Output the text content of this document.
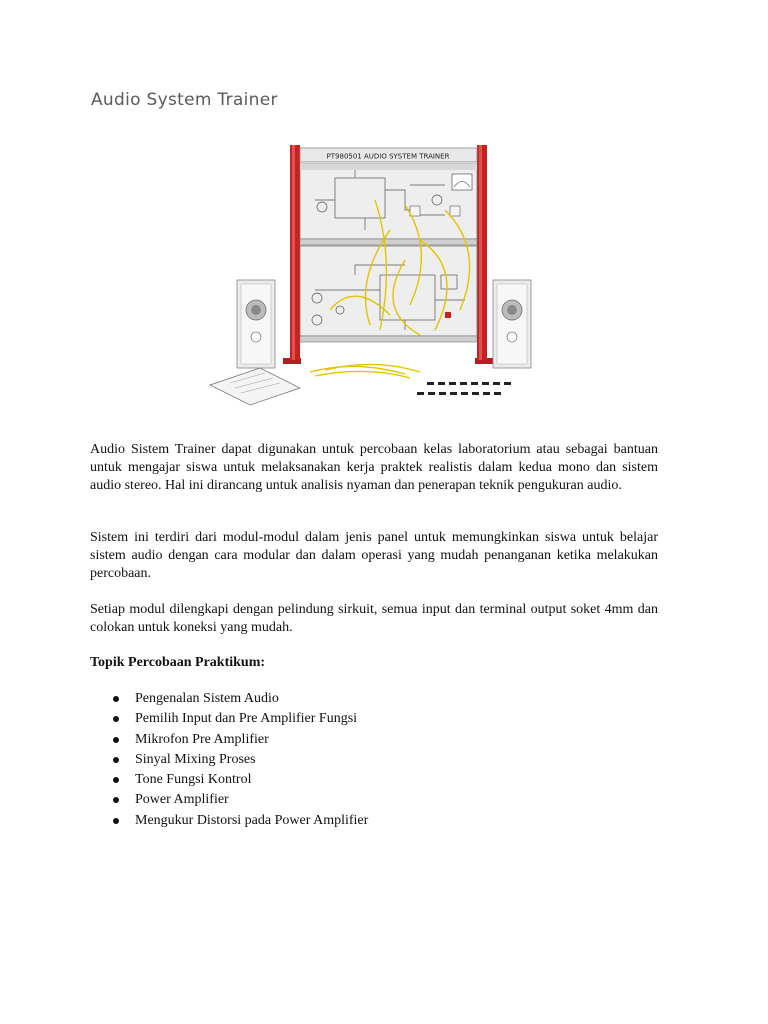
Audio System Trainer
PT980501 AUDIO SYSTEM TRAINER

Audio Sistem Trainer dapat digunakan untuk percobaan kelas laboratorium atau sebagai bantuan untuk mengajar siswa untuk melaksanakan kerja praktek realistis dalam kedua mono dan sistem audio stereo. Hal ini dirancang untuk analisis nyaman dan penerapan teknik pengukuran audio.

Sistem ini terdiri dari modul-modul dalam jenis panel untuk memungkinkan siswa untuk belajar sistem audio dengan cara modular dan dalam operasi yang mudah penanganan ketika melakukan percobaan.

Setiap modul dilengkapi dengan pelindung sirkuit, semua input dan terminal output soket 4mm dan colokan untuk koneksi yang mudah.

Topik Percobaan Praktikum:
Pengenalan Sistem Audio
Pemilih Input dan Pre Amplifier Fungsi
Mikrofon Pre Amplifier
Sinyal Mixing Proses
Tone Fungsi Kontrol
Power Amplifier
Mengukur Distorsi pada Power Amplifier
